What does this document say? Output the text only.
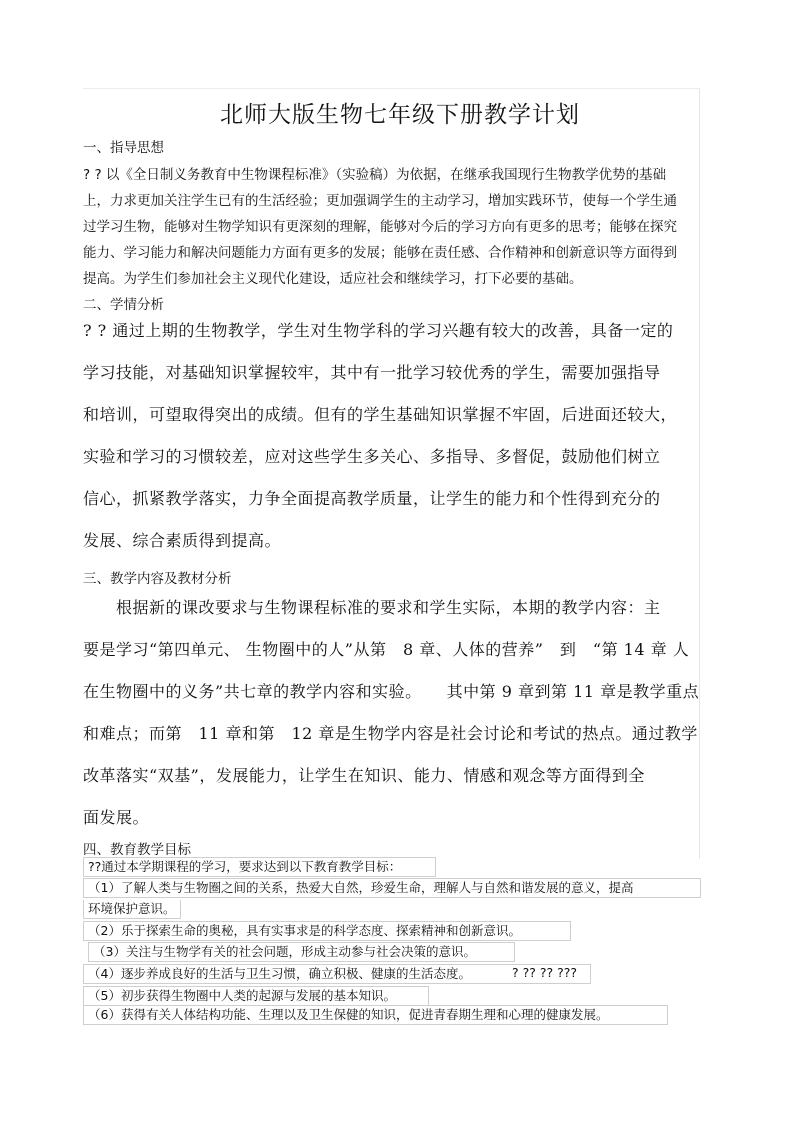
北师大版生物七年级下册教学计划
一、指导思想
? ? 以《全日制义务教育中生物课程标准》（实验稿）为依据，在继承我国现行生物教学优势的基础
上，力求更加关注学生已有的生活经验；更加强调学生的主动学习，增加实践环节，使每一个学生通
过学习生物，能够对生物学知识有更深刻的理解，能够对今后的学习方向有更多的思考；能够在探究
能力、学习能力和解决问题能力方面有更多的发展；能够在责任感、合作精神和创新意识等方面得到
提高。为学生们参加社会主义现代化建设，适应社会和继续学习，打下必要的基础。
二、学情分析
? ? 通过上期的生物教学，学生对生物学科的学习兴趣有较大的改善，具备一定的
学习技能，对基础知识掌握较牢，其中有一批学习较优秀的学生，需要加强指导
和培训，可望取得突出的成绩。但有的学生基础知识掌握不牢固，后进面还较大，
实验和学习的习惯较差，应对这些学生多关心、多指导、多督促，鼓励他们树立
信心，抓紧教学落实，力争全面提高教学质量，让学生的能力和个性得到充分的
发展、综合素质得到提高。
三、教学内容及教材分析
　　根据新的课改要求与生物课程标准的要求和学生实际，本期的教学内容：主
要是学习“第四单元、 生物圈中的人”从第　8 章、人体的营养”　到　“第 14 章 人
在生物圈中的义务”共七章的教学内容和实验。　　其中第 9 章到第 11 章是教学重点
和难点；而第　11 章和第　12 章是生物学内容是社会讨论和考试的热点。通过教学
改革落实“双基”，发展能力，让学生在知识、能力、情感和观念等方面得到全
面发展。
四、教育教学目标
??通过本学期课程的学习，要求达到以下教育教学目标：
（1）了解人类与生物圈之间的关系，热爱大自然，珍爱生命，理解人与自然和谐发展的意义，提高
环境保护意识。
（2）乐于探索生命的奥秘，具有实事求是的科学态度、探索精神和创新意识。
（3）关注与生物学有关的社会问题，形成主动参与社会决策的意识。
（4）逐步养成良好的生活与卫生习惯，确立积极、健康的生活态度。	? ?? ?? ???
（5）初步获得生物圈中人类的起源与发展的基本知识。
（6）获得有关人体结构功能、生理以及卫生保健的知识，促进青春期生理和心理的健康发展。
